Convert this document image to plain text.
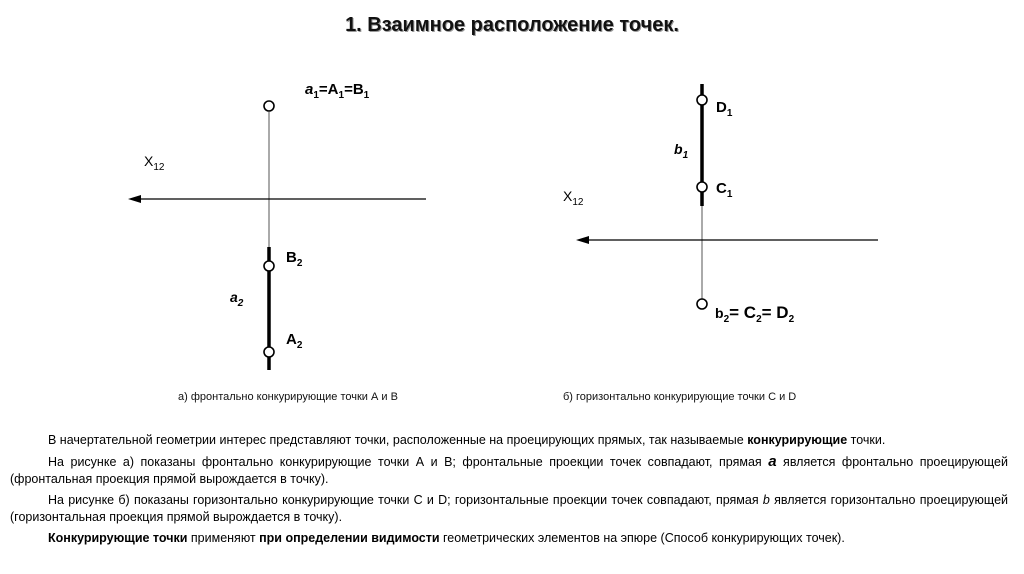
1. Взаимное расположение точек.
$X_{12}$
$a_1=A_1=B_1$
$B_2$
$A_2$
$a_2$
$X_{12}$
$D_1$
$C_1$
$b_1$
$b_2= C_2= D_2$
а) фронтально конкурирующие точки А и В	б) горизонтально конкурирующие точки С и D

В начертательной геометрии интерес представляют точки, расположенные на проецирующих прямых, так называемые конкурирующие точки.

На рисунке а) показаны фронтально конкурирующие точки А и В; фронтальные проекции точек совпадают, прямая a является фронтально проецирующей (фронтальная проекция прямой вырождается в точку).

На рисунке б) показаны горизонтально конкурирующие точки С и D; горизонтальные проекции точек совпадают, прямая b является горизонтально проецирующей (горизонтальная проекция прямой вырождается в точку).

Конкурирующие точки применяют при определении видимости геометрических элементов на эпюре (Способ конкурирующих точек).
